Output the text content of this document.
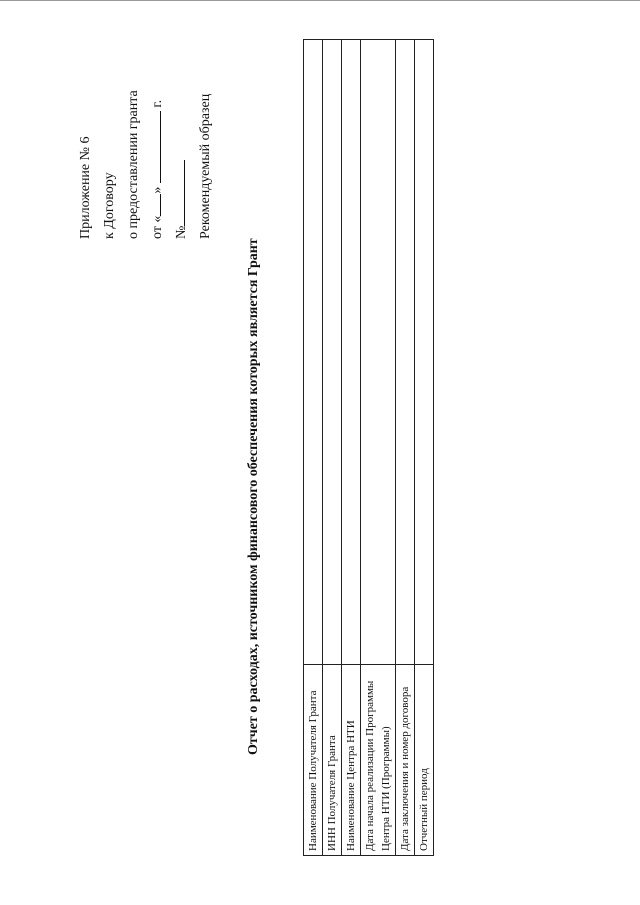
Приложение № 6 к Договору о предоставлении гранта от «»  г.
№ Рекомендуемый образец
Отчет о расходах, источником финансового обеспечения которых является Грант
Наименование Получателя Гранта	
ИНН Получателя Гранта	
Наименование Центра НТИ	
Дата начала реализации Программы Центра НТИ (Программы)	
Дата заключения и номер договора	
Отчетный период	
